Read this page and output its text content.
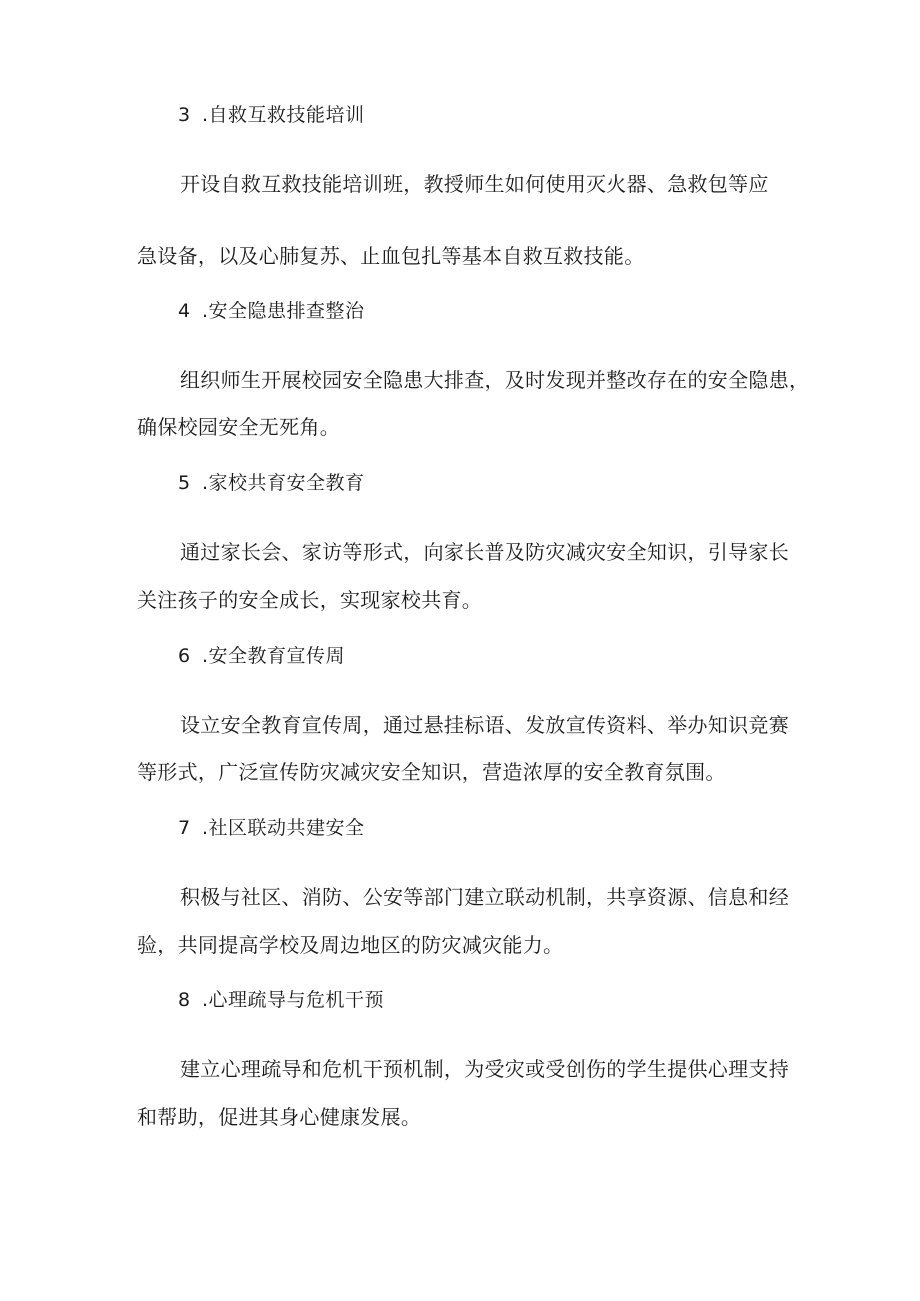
3 .自救互救技能培训
开设自救互救技能培训班，教授师生如何使用灭火器、急救包等应
急设备，以及心肺复苏、止血包扎等基本自救互救技能。
4 .安全隐患排查整治
组织师生开展校园安全隐患大排查，及时发现并整改存在的安全隐患，
确保校园安全无死角。
5 .家校共育安全教育
通过家长会、家访等形式，向家长普及防灾减灾安全知识，引导家长
关注孩子的安全成长，实现家校共育。
6 .安全教育宣传周
设立安全教育宣传周，通过悬挂标语、发放宣传资料、举办知识竞赛
等形式，广泛宣传防灾减灾安全知识，营造浓厚的安全教育氛围。
7 .社区联动共建安全
积极与社区、消防、公安等部门建立联动机制，共享资源、信息和经
验，共同提高学校及周边地区的防灾减灾能力。
8 .心理疏导与危机干预
建立心理疏导和危机干预机制，为受灾或受创伤的学生提供心理支持
和帮助，促进其身心健康发展。
